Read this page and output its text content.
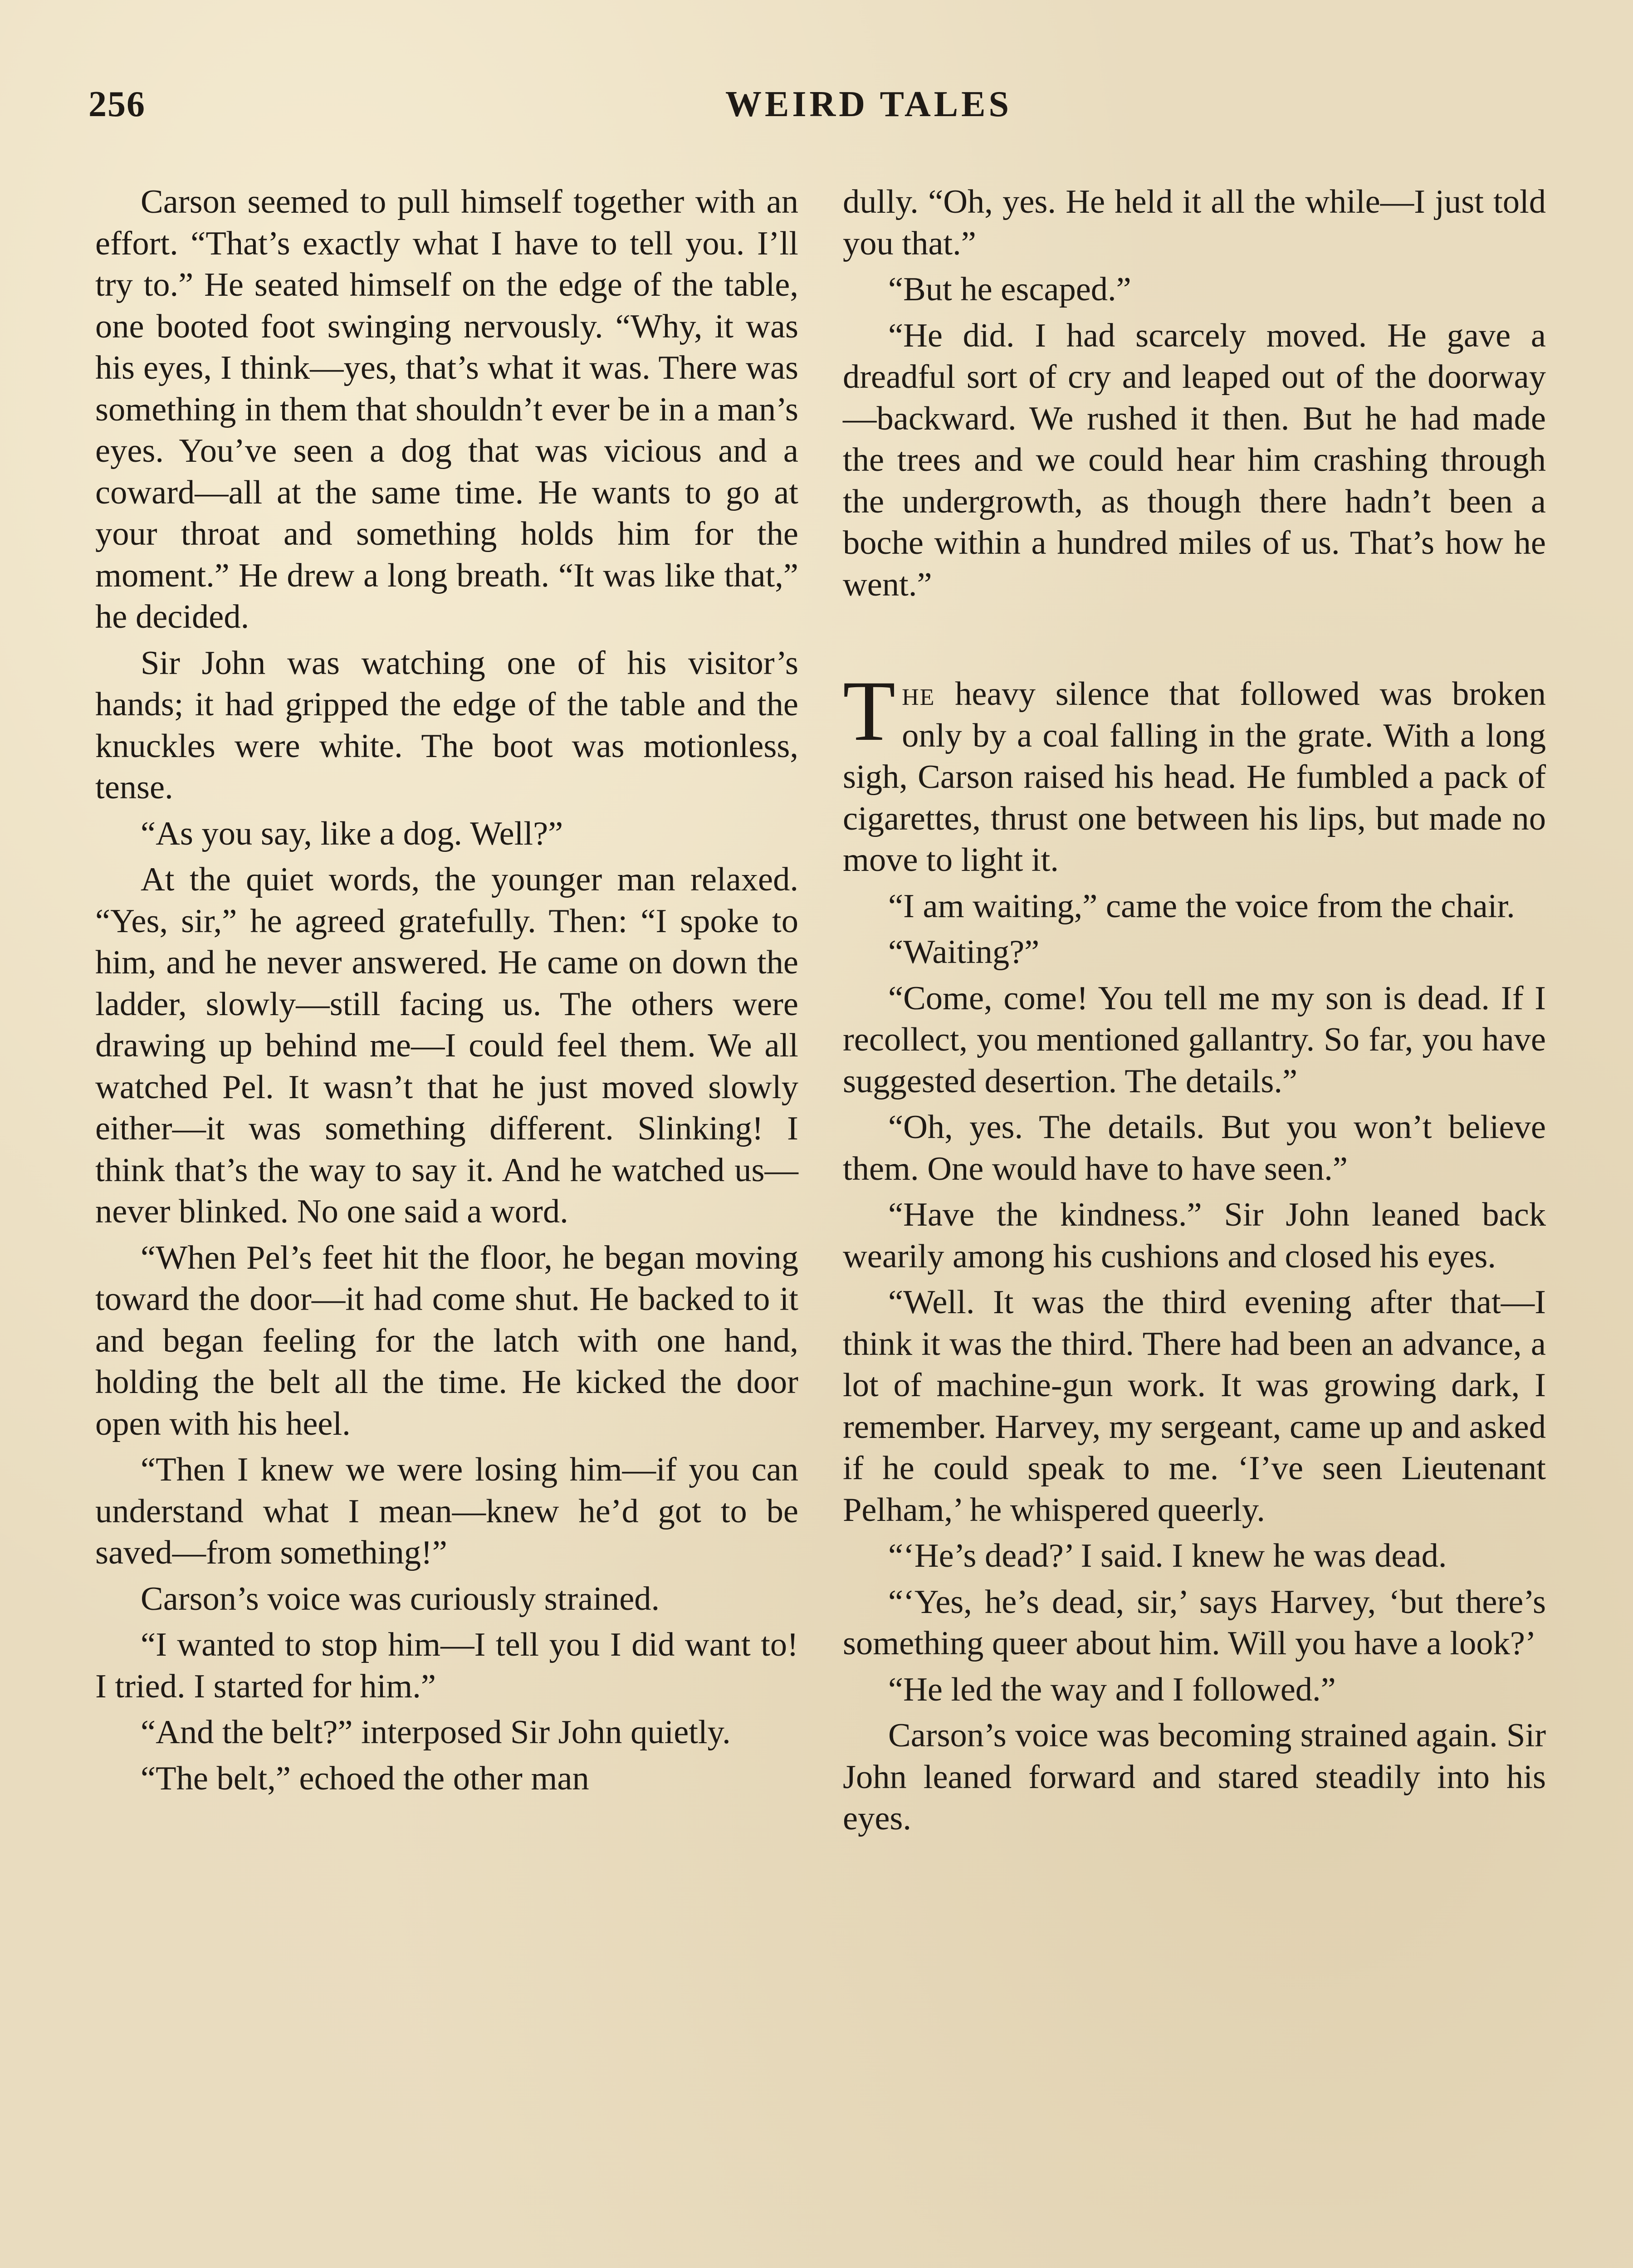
256	WEIRD TALES

Carson seemed to pull himself together with an effort. “That’s exactly what I have to tell you. I’ll try to.” He seated himself on the edge of the table, one booted foot swinging nervously. “Why, it was his eyes, I think—yes, that’s what it was. There was something in them that shouldn’t ever be in a man’s eyes. You’ve seen a dog that was vicious and a coward—all at the same time. He wants to go at your throat and something holds him for the moment.” He drew a long breath. “It was like that,” he decided.

Sir John was watching one of his visitor’s hands; it had gripped the edge of the table and the knuckles were white. The boot was motionless, tense.

“As you say, like a dog. Well?”

At the quiet words, the younger man relaxed. “Yes, sir,” he agreed gratefully. Then: “I spoke to him, and he never answered. He came on down the ladder, slowly—still facing us. The others were drawing up behind me—I could feel them. We all watched Pel. It wasn’t that he just moved slowly either—it was something different. Slinking! I think that’s the way to say it. And he watched us—never blinked. No one said a word.

“When Pel’s feet hit the floor, he began moving toward the door—it had come shut. He backed to it and began feeling for the latch with one hand, holding the belt all the time. He kicked the door open with his heel.

“Then I knew we were losing him—if you can understand what I mean—knew he’d got to be saved—from something!”

Carson’s voice was curiously strained.

“I wanted to stop him—I tell you I did want to! I tried. I started for him.”

“And the belt?” interposed Sir John quietly.

“The belt,” echoed the other man

dully. “Oh, yes. He held it all the while—I just told you that.”

“But he escaped.”

“He did. I had scarcely moved. He gave a dreadful sort of cry and leaped out of the doorway—backward. We rushed it then. But he had made the trees and we could hear him crashing through the undergrowth, as though there hadn’t been a boche within a hundred miles of us. That’s how he went.”

The heavy silence that followed was broken only by a coal falling in the grate. With a long sigh, Carson raised his head. He fumbled a pack of cigarettes, thrust one between his lips, but made no move to light it.

“I am waiting,” came the voice from the chair.

“Waiting?”

“Come, come! You tell me my son is dead. If I recollect, you mentioned gallantry. So far, you have suggested desertion. The details.”

“Oh, yes. The details. But you won’t believe them. One would have to have seen.”

“Have the kindness.” Sir John leaned back wearily among his cushions and closed his eyes.

“Well. It was the third evening after that—I think it was the third. There had been an advance, a lot of machine-gun work. It was growing dark, I remember. Harvey, my sergeant, came up and asked if he could speak to me. ‘I’ve seen Lieutenant Pelham,’ he whispered queerly.

“‘He’s dead?’ I said. I knew he was dead.

“‘Yes, he’s dead, sir,’ says Harvey, ‘but there’s something queer about him. Will you have a look?’

“He led the way and I followed.”

Carson’s voice was becoming strained again. Sir John leaned forward and stared steadily into his eyes.
